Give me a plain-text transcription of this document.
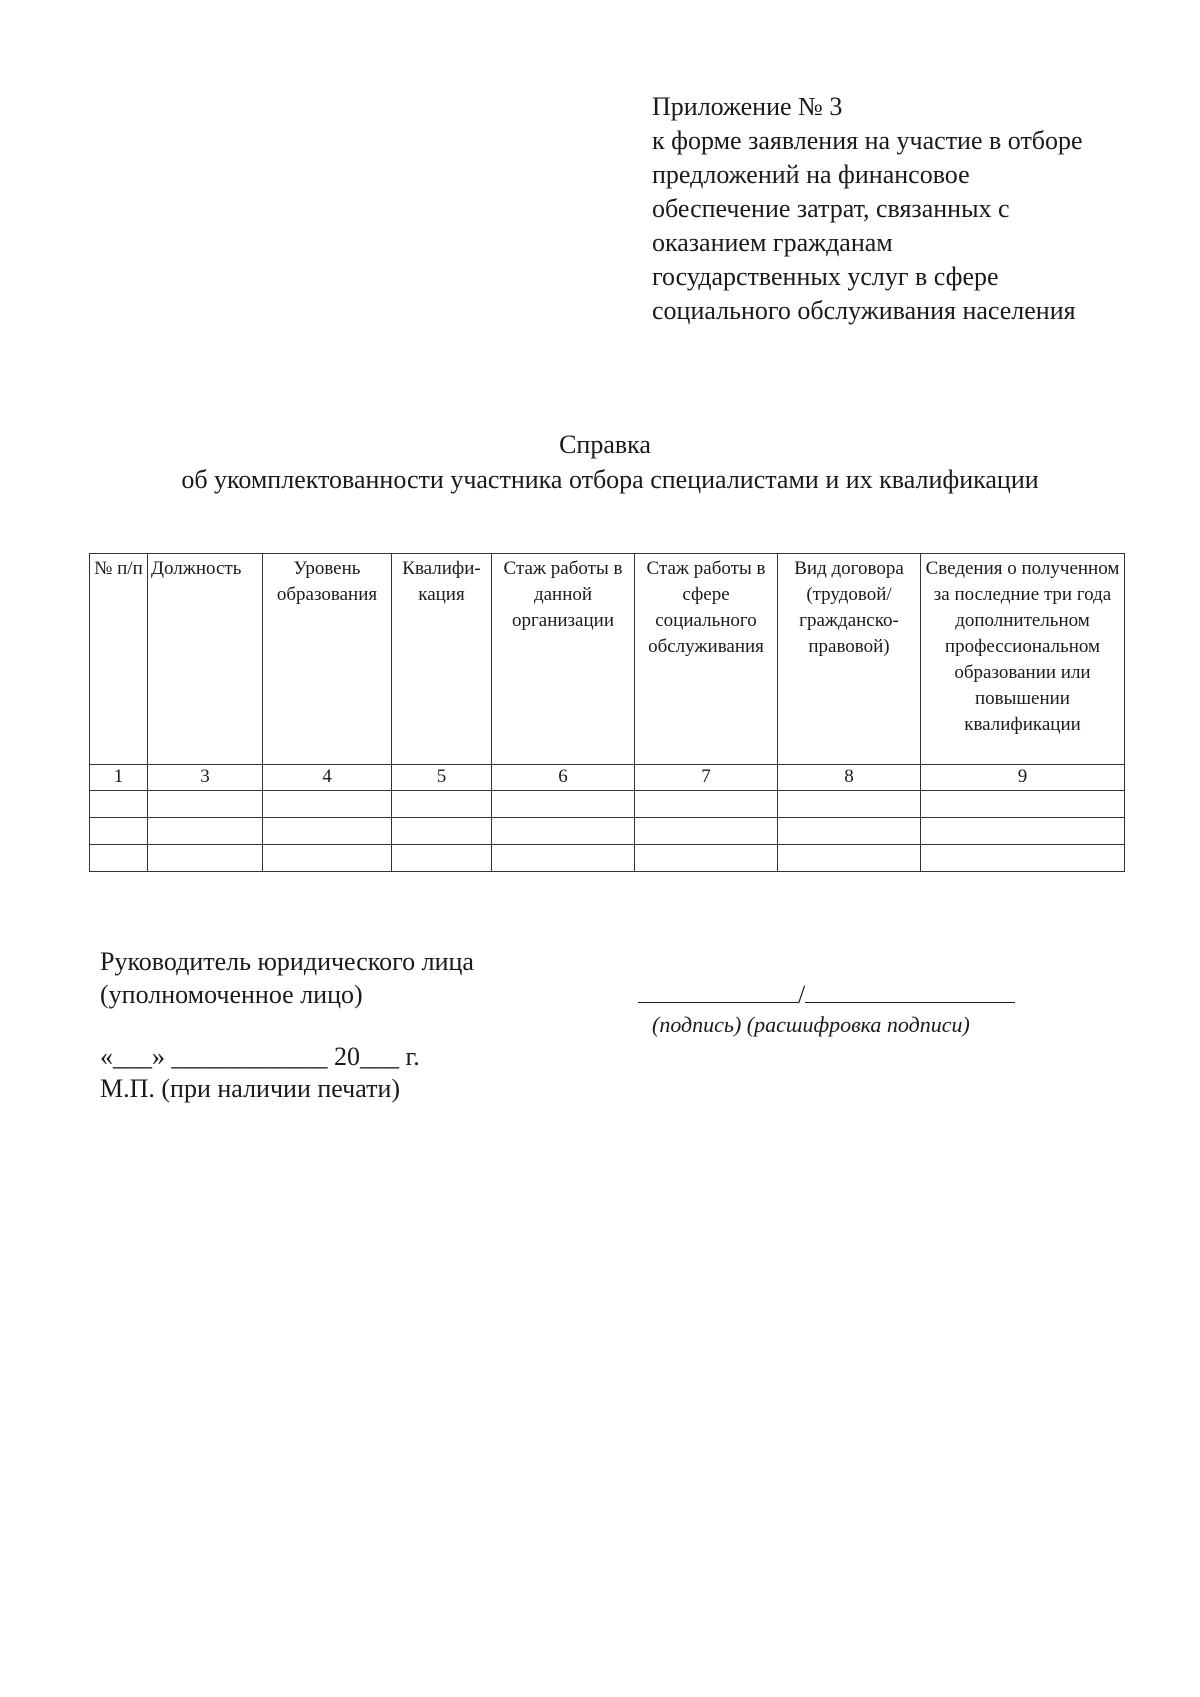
Приложение № 3
к форме заявления на участие в отборе
предложений на финансовое
обеспечение затрат, связанных с
оказанием гражданам
государственных услуг в сфере
социального обслуживания населения
Справка
об укомплектованности участника отбора специалистами и их квалификации
№ п/п	Должность	Уровень образования	Квалифи-кация	Стаж работы в данной организации	Стаж работы в сфере социального обслуживания	Вид договора (трудовой/ гражданско-правовой)	Сведения о полученном за последние три года дополнительном профессиональном образовании или повышении квалификации
1	3	4	5	6	7	8	9

Руководитель юридического лица
(уполномоченное лицо)	/
(подпись) (расшифровка подписи)
«___» ____________ 20___ г.
М.П. (при наличии печати)
